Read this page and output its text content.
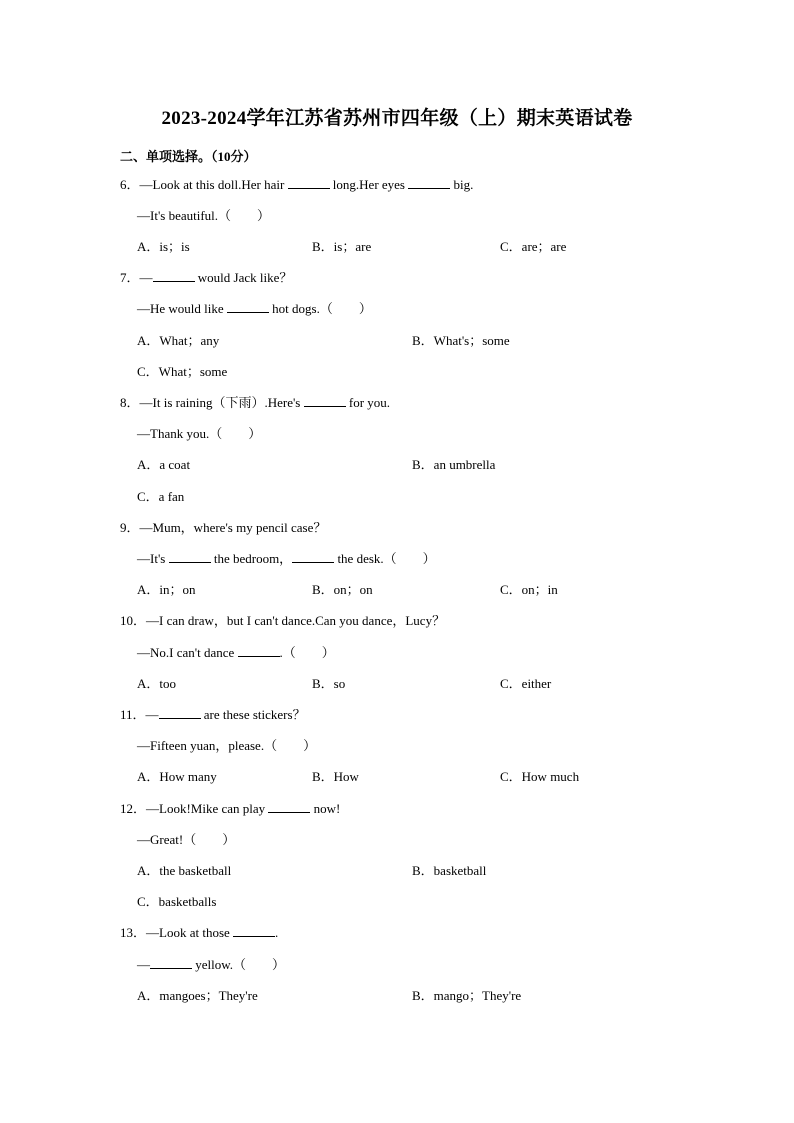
2023-2024学年江苏省苏州市四年级（上）期末英语试卷
二、单项选择。（10分）
6．—Look at this doll.Her hair	long.Her eyes	big.
—It's beautiful.（　　）
A．is；is	B．is；are	C．are；are
7．—	would Jack like？
—He would like	hot dogs.（　　）
A．What；any	B．What's；some
C．What；some
8．—It is raining（下雨）.Here's	for you.
—Thank you.（　　）
A．a coat	B．an umbrella
C．a fan
9．—Mum，where's my pencil case？
—It's	the bedroom，	the desk.（　　）
A．in；on	B．on；on	C．on；in
10．—I can draw，but I can't dance.Can you dance，Lucy？
—No.I can't dance	.（　　）
A．too	B．so	C．either
11．—	are these stickers？
—Fifteen yuan，please.（　　）
A．How many	B．How	C．How much
12．—Look!Mike can play	now!
—Great!（　　）
A．the basketball	B．basketball
C．basketballs
13．—Look at those	.
—	yellow.（　　）
A．mangoes；They're	B．mango；They're
